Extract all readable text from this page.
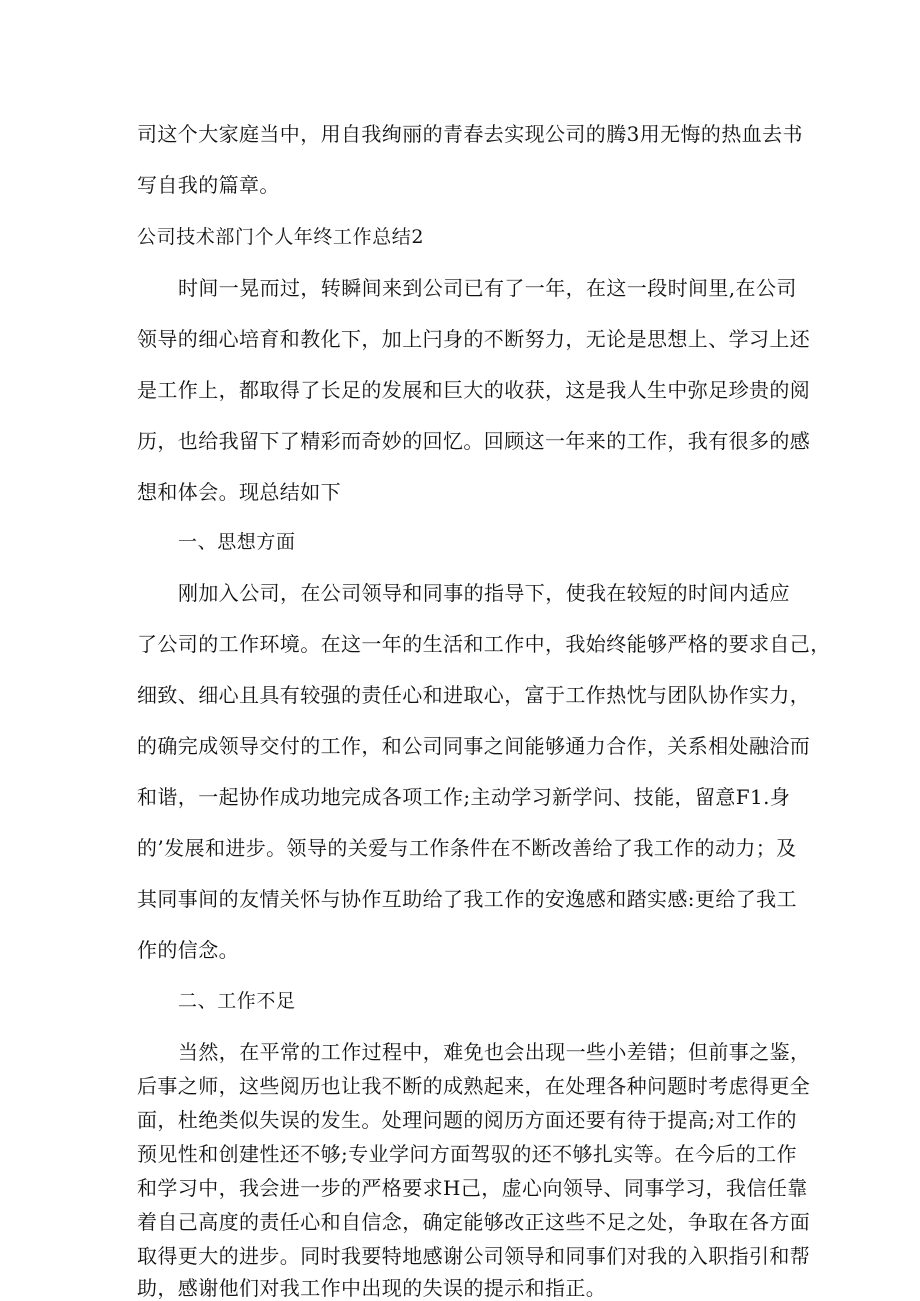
司这个大家庭当中，用自我绚丽的青春去实现公司的腾3用无悔的热血去书
写自我的篇章。
公司技术部门个人年终工作总结2
时间一晃而过，转瞬间来到公司已有了一年，在这一段时间里,在公司
领导的细心培育和教化下，加上闩身的不断努力，无论是思想上、学习上还
是工作上，都取得了长足的发展和巨大的收获，这是我人生中弥足珍贵的阅
历，也给我留下了精彩而奇妙的回忆。回顾这一年来的工作，我有很多的感
想和体会。现总结如下
一、思想方面
刚加入公司，在公司领导和同事的指导下，使我在较短的时间内适应
了公司的工作环境。在这一年的生活和工作中，我始终能够严格的要求自己，
细致、细心且具有较强的责任心和进取心，富于工作热忱与团队协作实力，
的确完成领导交付的工作，和公司同事之间能够通力合作，关系相处融洽而
和谐，一起协作成功地完成各项工作;主动学习新学问、技能，留意F1.身
的’发展和进步。领导的关爱与工作条件在不断改善给了我工作的动力；及
其同事间的友情关怀与协作互助给了我工作的安逸感和踏实感:更给了我工
作的信念。
二、工作不足
当然，在平常的工作过程中，难免也会出现一些小差错；但前事之鉴，
后事之师，这些阅历也让我不断的成熟起来，在处理各种问题时考虑得更全
面，杜绝类似失误的发生。处理问题的阅历方面还要有待于提高;对工作的
预见性和创建性还不够;专业学问方面驾驭的还不够扎实等。在今后的工作
和学习中，我会进一步的严格要求H己，虚心向领导、同事学习，我信任靠
着自己高度的责任心和自信念，确定能够改正这些不足之处，争取在各方面
取得更大的进步。同时我要特地感谢公司领导和同事们对我的入职指引和帮
助，感谢他们对我工作中出现的失误的提示和指正。
